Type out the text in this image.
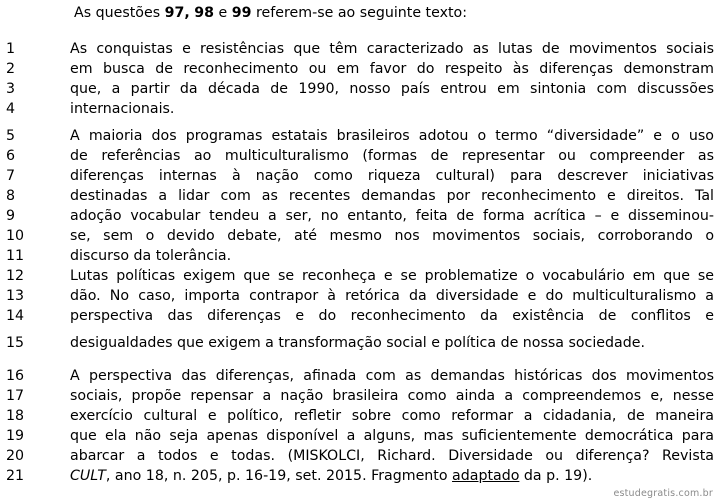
As questões 97, 98 e 99 referem-se ao seguinte texto:
1	As conquistas e resistências que têm caracterizado as lutas de movimentos sociais
2	em busca de reconhecimento ou em favor do respeito às diferenças demonstram
3	que, a partir da década de 1990, nosso país entrou em sintonia com discussões
4	internacionais.
5	A maioria dos programas estatais brasileiros adotou o termo “diversidade” e o uso
6	de referências ao multiculturalismo (formas de representar ou compreender as
7	diferenças internas à nação como riqueza cultural) para descrever iniciativas
8	destinadas a lidar com as recentes demandas por reconhecimento e direitos. Tal
9	adoção vocabular tendeu a ser, no entanto, feita de forma acrítica – e disseminou-
10	se, sem o devido debate, até mesmo nos movimentos sociais, corroborando o
11	discurso da tolerância.
12	Lutas políticas exigem que se reconheça e se problematize o vocabulário em que se
13	dão. No caso, importa contrapor à retórica da diversidade e do multiculturalismo a
14	perspectiva das diferenças e do reconhecimento da existência de conflitos e
15	desigualdades que exigem a transformação social e política de nossa sociedade.
16	A perspectiva das diferenças, afinada com as demandas históricas dos movimentos
17	sociais, propõe repensar a nação brasileira como ainda a compreendemos e, nesse
18	exercício cultural e político, refletir sobre como reformar a cidadania, de maneira
19	que ela não seja apenas disponível a alguns, mas suficientemente democrática para
20	abarcar a todos e todas. (MISKOLCI, Richard. Diversidade ou diferença? Revista
21	CULT, ano 18, n. 205, p. 16-19, set. 2015. Fragmento adaptado da p. 19).
estudegratis.com.br
